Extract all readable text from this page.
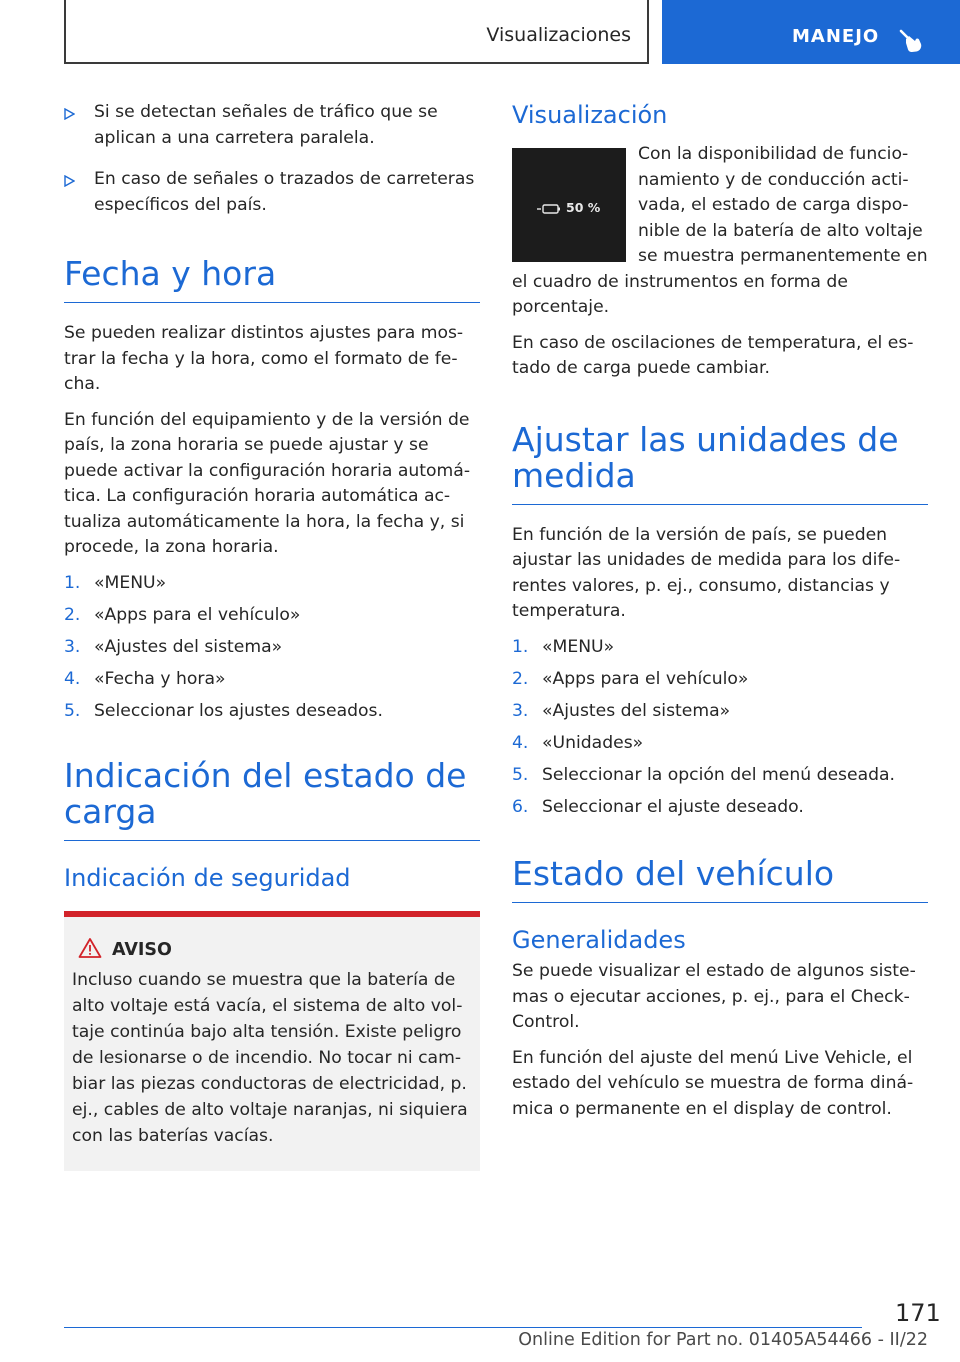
Visualizaciones	MANEJO
Si se detectan señales de tráfico que se aplican a una carretera paralela.
En caso de señales o trazados de carreteras específicos del país.
Fecha y hora

Se pueden realizar distintos ajustes para mostrar la fecha y la hora, como el formato de fecha.

En función del equipamiento y de la versión de país, la zona horaria se puede ajustar y se puede activar la configuración horaria automática. La configuración horaria automática actualiza automáticamente la hora, la fecha y, si procede, la zona horaria.

1. «MENU»
2. «Apps para el vehículo»
3. «Ajustes del sistema»
4. «Fecha y hora»
5. Seleccionar los ajustes deseados.
Indicación del estado de carga
Indicación de seguridad
AVISO

Incluso cuando se muestra que la batería de alto voltaje está vacía, el sistema de alto voltaje continúa bajo alta tensión. Existe peligro de lesionarse o de incendio. No tocar ni cambiar las piezas conductoras de electricidad, p. ej., cables de alto voltaje naranjas, ni siquiera con las baterías vacías.

Visualización
50 %

Con la disponibilidad de funcionamiento y de conducción activada, el estado de carga disponible de la batería de alto voltaje se muestra permanentemente en el cuadro de instrumentos en forma de porcentaje.

En caso de oscilaciones de temperatura, el estado de carga puede cambiar.

Ajustar las unidades de medida

En función de la versión de país, se pueden ajustar las unidades de medida para los diferentes valores, p. ej., consumo, distancias y temperatura.

1. «MENU»
2. «Apps para el vehículo»
3. «Ajustes del sistema»
4. «Unidades»
5. Seleccionar la opción del menú deseada.
6. Seleccionar el ajuste deseado.
Estado del vehículo
Generalidades

Se puede visualizar el estado de algunos sistemas o ejecutar acciones, p. ej., para el Check-Control.

En función del ajuste del menú Live Vehicle, el estado del vehículo se muestra de forma dinámica o permanente en el display de control.

171
Online Edition for Part no. 01405A54466 - II/22
